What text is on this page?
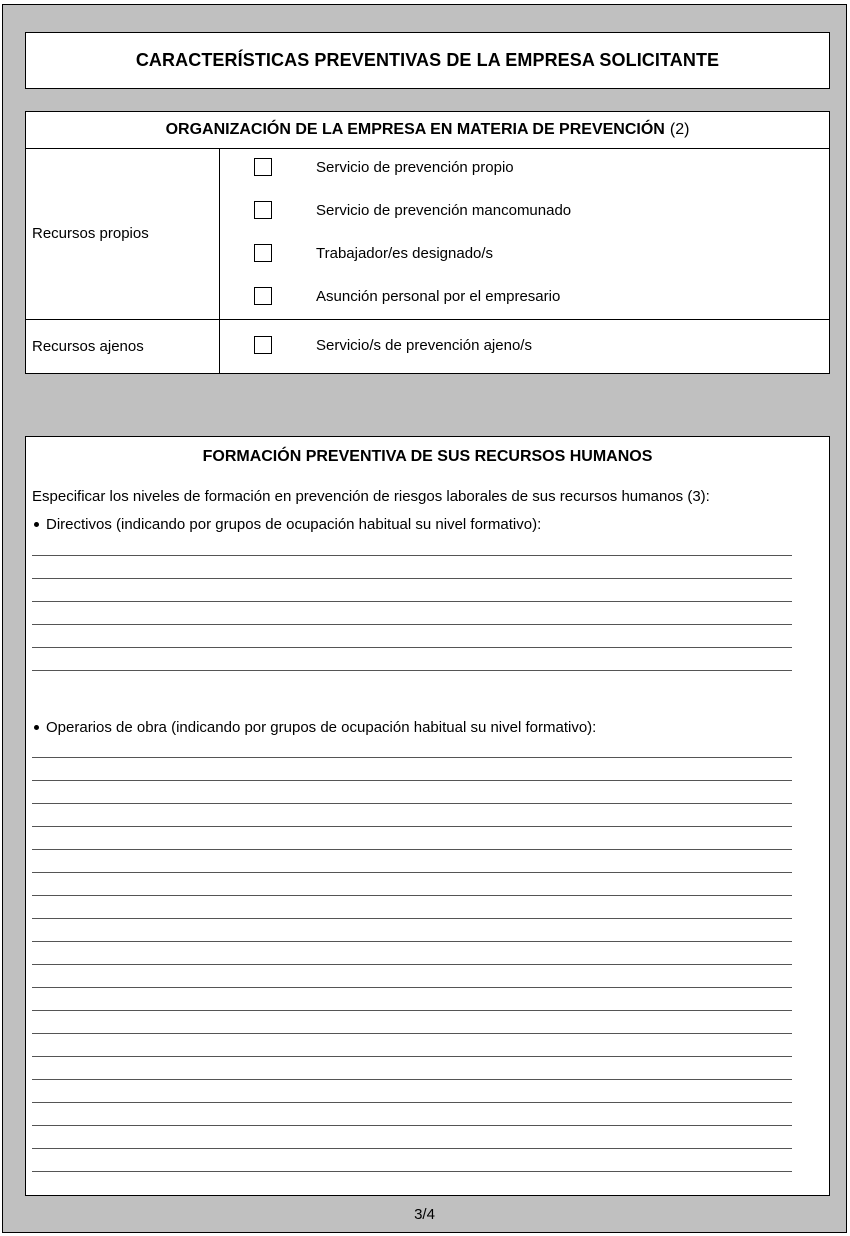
CARACTERÍSTICAS PREVENTIVAS DE LA EMPRESA SOLICITANTE
ORGANIZACIÓN DE LA EMPRESA EN MATERIA DE PREVENCIÓN (2)
Recursos propios
Servicio de prevención propio
Servicio de prevención mancomunado
Trabajador/es designado/s
Asunción personal por el empresario
Recursos ajenos	Servicio/s de prevención ajeno/s
FORMACIÓN PREVENTIVA DE SUS RECURSOS HUMANOS
Especificar los niveles de formación en prevención de riesgos laborales de sus recursos humanos (3):
Directivos (indicando por grupos de ocupación habitual su nivel formativo):
Operarios de obra (indicando por grupos de ocupación habitual su nivel formativo):
3/4
